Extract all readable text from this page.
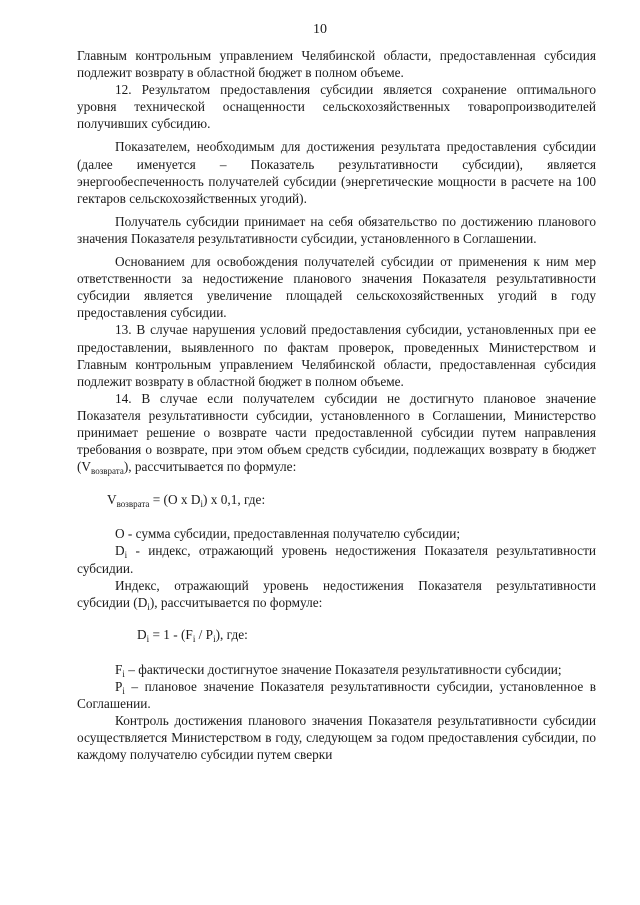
10

Главным контрольным управлением Челябинской области, предоставленная субсидия подлежит возврату в областной бюджет в полном объеме.

12. Результатом предоставления субсидии является сохранение оптимального уровня технической оснащенности сельскохозяйственных товаропроизводителей получивших субсидию.

Показателем, необходимым для достижения результата предоставления субсидии (далее именуется – Показатель результативности субсидии), является энергообеспеченность получателей субсидии (энергетические мощности в расчете на 100 гектаров сельскохозяйственных угодий).

Получатель субсидии принимает на себя обязательство по достижению планового значения Показателя результативности субсидии, установленного в Соглашении.

Основанием для освобождения получателей субсидии от применения к ним мер ответственности за недостижение планового значения Показателя результативности субсидии является увеличение площадей сельскохозяйственных угодий в году предоставления субсидии.

13. В случае нарушения условий предоставления субсидии, установленных при ее предоставлении, выявленного по фактам проверок, проведенных Министерством и Главным контрольным управлением Челябинской области, предоставленная субсидия подлежит возврату в областной бюджет в полном объеме.

14. В случае если получателем субсидии не достигнуто плановое значение Показателя результативности субсидии, установленного в Соглашении, Министерство принимает решение о возврате части предоставленной субсидии путем направления требования о возврате, при этом объем средств субсидии, подлежащих возврату в бюджет $(V_{возврата})$, рассчитывается по формуле:

$V_{возврата} = (O$ x $D_i$) x 0,1, где:

О - сумма субсидии, предоставленная получателю субсидии;

$D_i$ - индекс, отражающий уровень недостижения Показателя результативности субсидии.

Индекс, отражающий уровень недостижения Показателя результативности субсидии $(D_i)$, рассчитывается по формуле:

$D_i = 1 - (F_i / P_i)$, где:

$F_i$ – фактически достигнутое значение Показателя результативности субсидии;

$P_i$ – плановое значение Показателя результативности субсидии, установленное в Соглашении.

Контроль достижения планового значения Показателя результативности субсидии осуществляется Министерством в году, следующем за годом предоставления субсидии, по каждому получателю субсидии путем сверки
